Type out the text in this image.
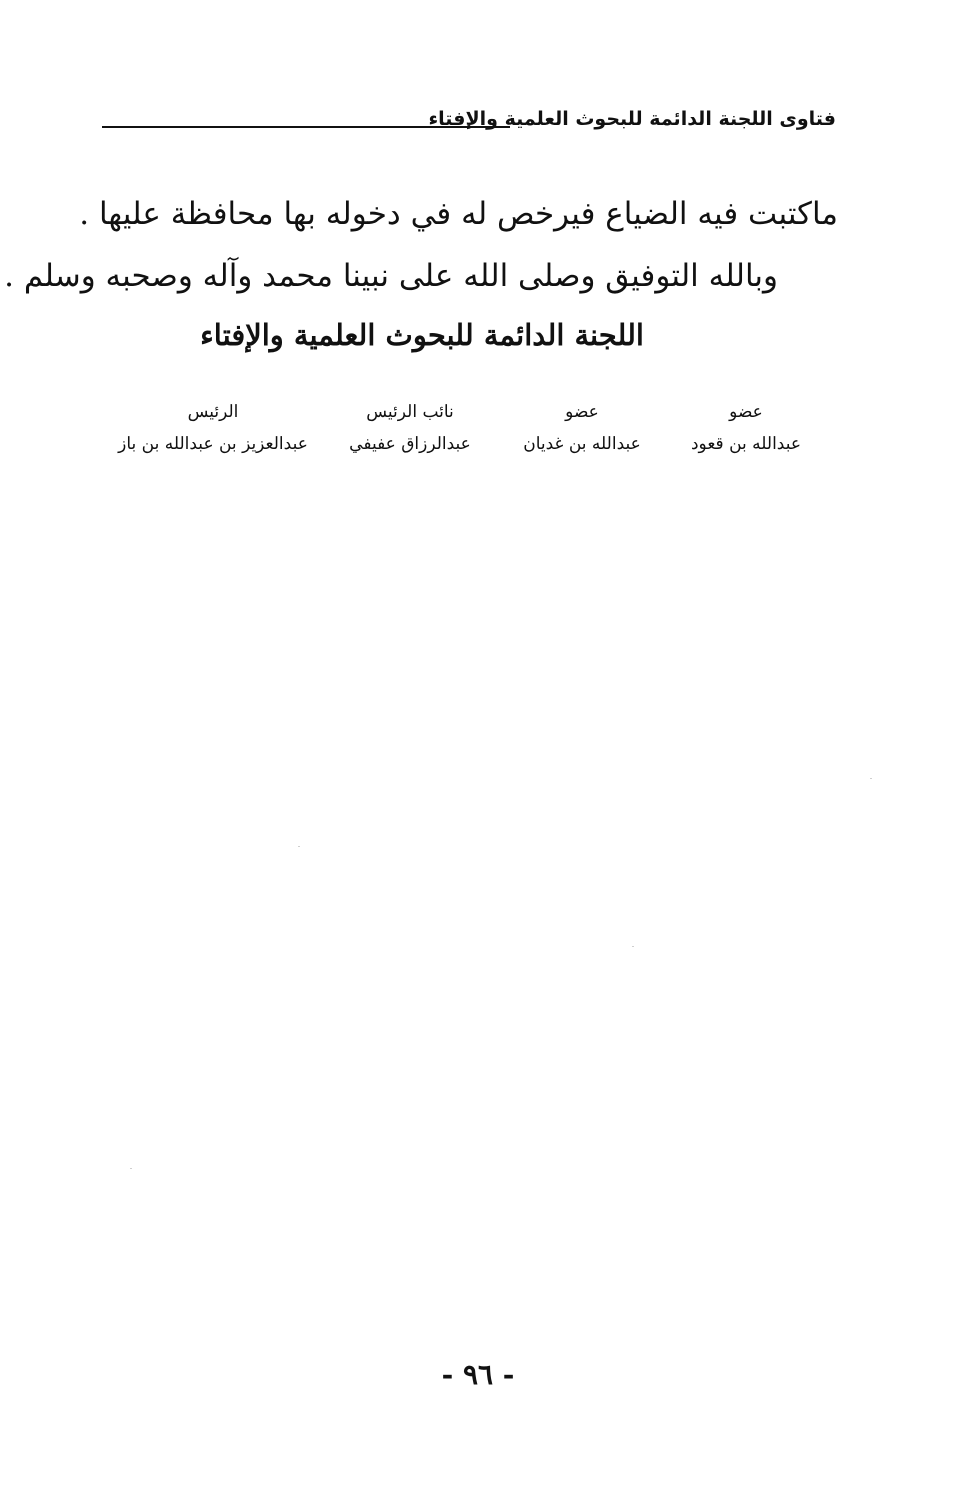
فتاوى اللجنة الدائمة للبحوث العلمية والإفتاء
ماكتبت فيه الضياع فيرخص له في دخوله بها محافظة عليها .
وبالله التوفيق وصلى الله على نبينا محمد وآله وصحبه وسلم .
اللجنة الدائمة للبحوث العلمية والإفتاء
عضو
عبدالله بن قعود
عضو
عبدالله بن غديان
نائب الرئيس
عبدالرزاق عفيفي
الرئيس
عبدالعزيز بن عبدالله بن باز
- ٩٦ -
